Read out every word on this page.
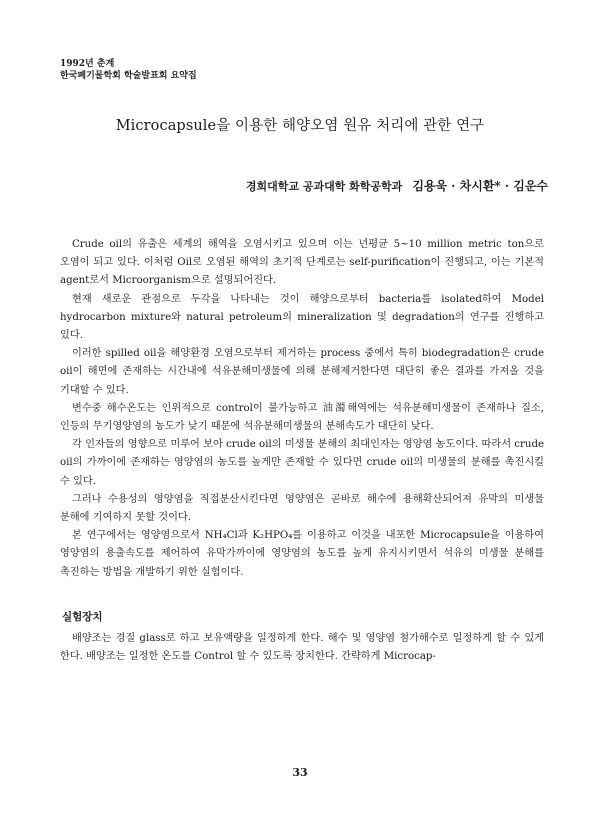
1992년 춘계
한국폐기물학회 학술발표회 요약집
Microcapsule을 이용한 해양오염 원유 처리에 관한 연구
경희대학교 공과대학 화학공학과 김용욱 · 차시환* · 김운수

Crude oil의 유출은 세계의 해역을 오염시키고 있으며 이는 년평균 5~10 million metric ton으로 오염이 되고 있다. 이처럼 Oil로 오염된 해역의 초기적 단계로는 self-purification이 진행되고, 이는 기본적 agent로서 Microorganism으로 설명되어진다.

현재 새로운 관점으로 두각을 나타내는 것이 해양으로부터 bacteria를 isolated하여 Model hydrocarbon mixture와 natural petroleum의 mineralization 및 degradation의 연구를 진행하고 있다.

이러한 spilled oil을 해양환경 오염으로부터 제거하는 process 중에서 특히 biodegradation은 crude oil이 해면에 존재하는 시간내에 석유분해미생물에 의해 분해제거한다면 대단히 좋은 결과를 가져올 것을 기대할 수 있다.

변수중 해수온도는 인위적으로 control이 불가능하고 油濁해역에는 석유분해미생물이 존재하나 질소, 인등의 무기영양염의 농도가 낮기 때문에 석유분해미생물의 분해속도가 대단히 낮다.

각 인자들의 영향으로 미루어 보아 crude oil의 미생물 분해의 최대인자는 영양염 농도이다. 따라서 crude oil의 가까이에 존재하는 영양염의 농도를 높게만 존재할 수 있다면 crude oil의 미생물의 분해를 촉진시킬 수 있다.

그러나 수용성의 영양염을 직접분산시킨다면 영양염은 곧바로 해수에 용해확산되어져 유막의 미생물 분해에 기여하지 못할 것이다.

본 연구에서는 영양염으로서 NH₄Cl과 K₂HPO₄를 이용하고 이것을 내포한 Microcapsule을 이용하여 영양염의 용출속도를 제어하여 유막가까이에 영양염의 농도를 높게 유지시키면서 석유의 미생물 분해를 촉진하는 방법을 개발하기 위한 실험이다.

실험장치

배양조는 경질 glass로 하고 보유액량을 일정하게 한다. 해수 및 영양염 첨가해수로 일정하게 할 수 있게 한다. 배양조는 일정한 온도를 Control 할 수 있도록 장치한다. 간략하게 Microcap-

33
